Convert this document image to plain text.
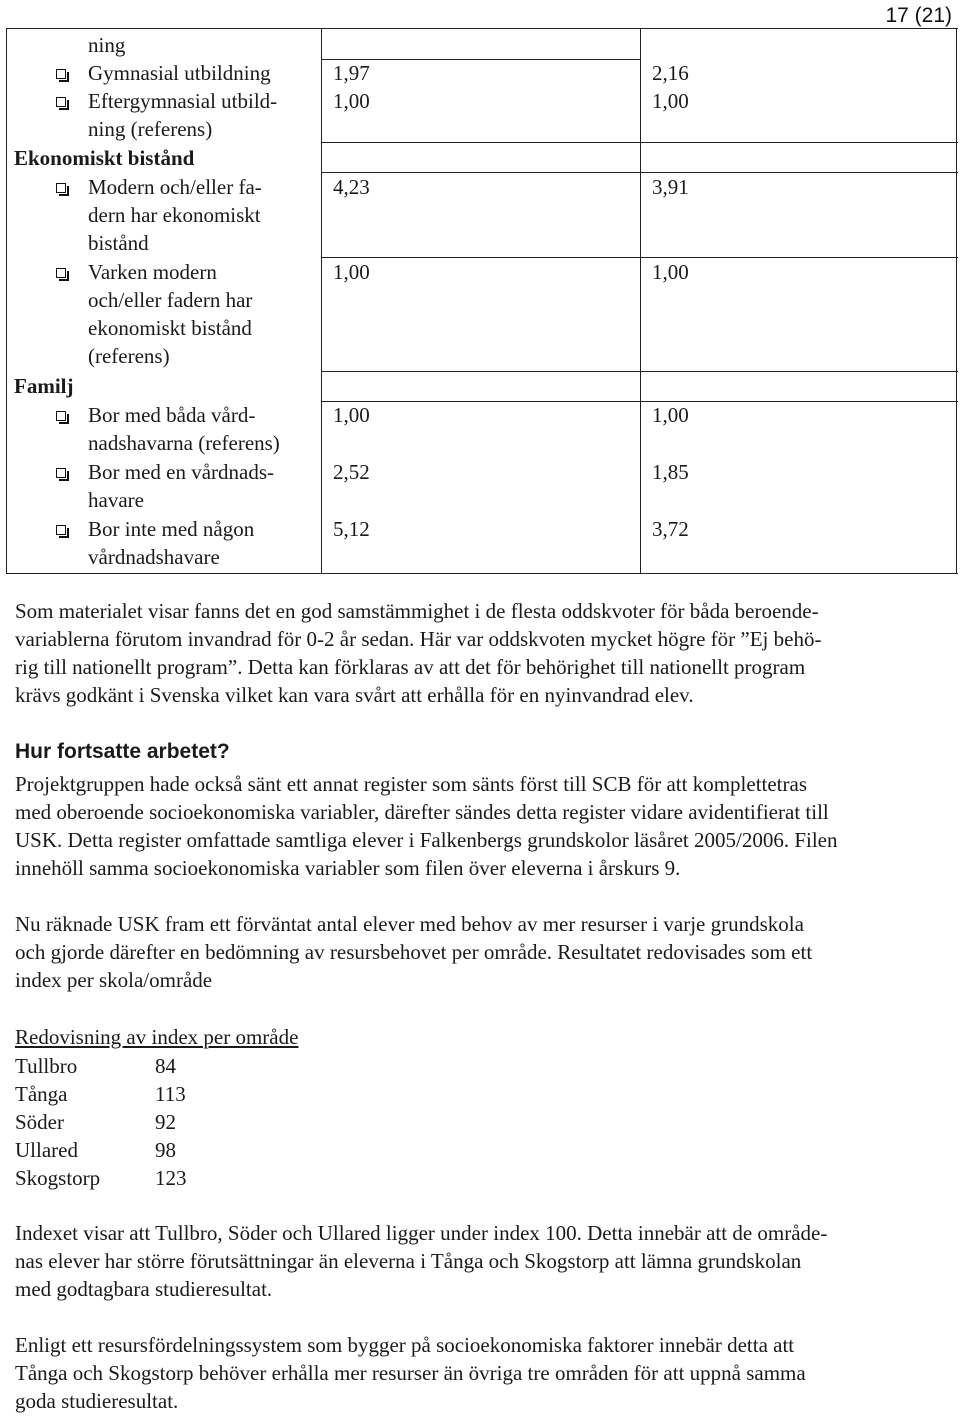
17 (21)
ning
Gymnasial utbildning	1,97	2,16
Eftergymnasial utbild-
ning (referens)
1,00	1,00
Ekonomiskt bistånd
Modern och/eller fa-
dern har ekonomiskt
bistånd
4,23	3,91
Varken modern
och/eller fadern har
ekonomiskt bistånd
(referens)
1,00	1,00
Familj
Bor med båda vård-
nadshavarna (referens)
1,00	1,00
Bor med en vårdnads-
havare
2,52	1,85
Bor inte med någon
vårdnadshavare
5,12	3,72
Som materialet visar fanns det en god samstämmighet i de flesta oddskvoter för båda beroende-
variablerna förutom invandrad för 0-2 år sedan. Här var oddskvoten mycket högre för ”Ej behö-
rig till nationellt program”. Detta kan förklaras av att det för behörighet till nationellt program
krävs godkänt i Svenska vilket kan vara svårt att erhålla för en nyinvandrad elev.
Hur fortsatte arbetet?
Projektgruppen hade också sänt ett annat register som sänts först till SCB för att komplettetras
med oberoende socioekonomiska variabler, därefter sändes detta register vidare avidentifierat till
USK. Detta register omfattade samtliga elever i Falkenbergs grundskolor läsåret 2005/2006. Filen
innehöll samma socioekonomiska variabler som filen över eleverna i årskurs 9.
Nu räknade USK fram ett förväntat antal elever med behov av mer resurser i varje grundskola
och gjorde därefter en bedömning av resursbehovet per område. Resultatet redovisades som ett
index per skola/område
Redovisning av index per område
Tullbro	84
Tånga	113
Söder	92
Ullared	98
Skogstorp	123
Indexet visar att Tullbro, Söder och Ullared ligger under index 100. Detta innebär att de område-
nas elever har större förutsättningar än eleverna i Tånga och Skogstorp att lämna grundskolan
med godtagbara studieresultat.
Enligt ett resursfördelningssystem som bygger på socioekonomiska faktorer innebär detta att
Tånga och Skogstorp behöver erhålla mer resurser än övriga tre områden för att uppnå samma
goda studieresultat.
